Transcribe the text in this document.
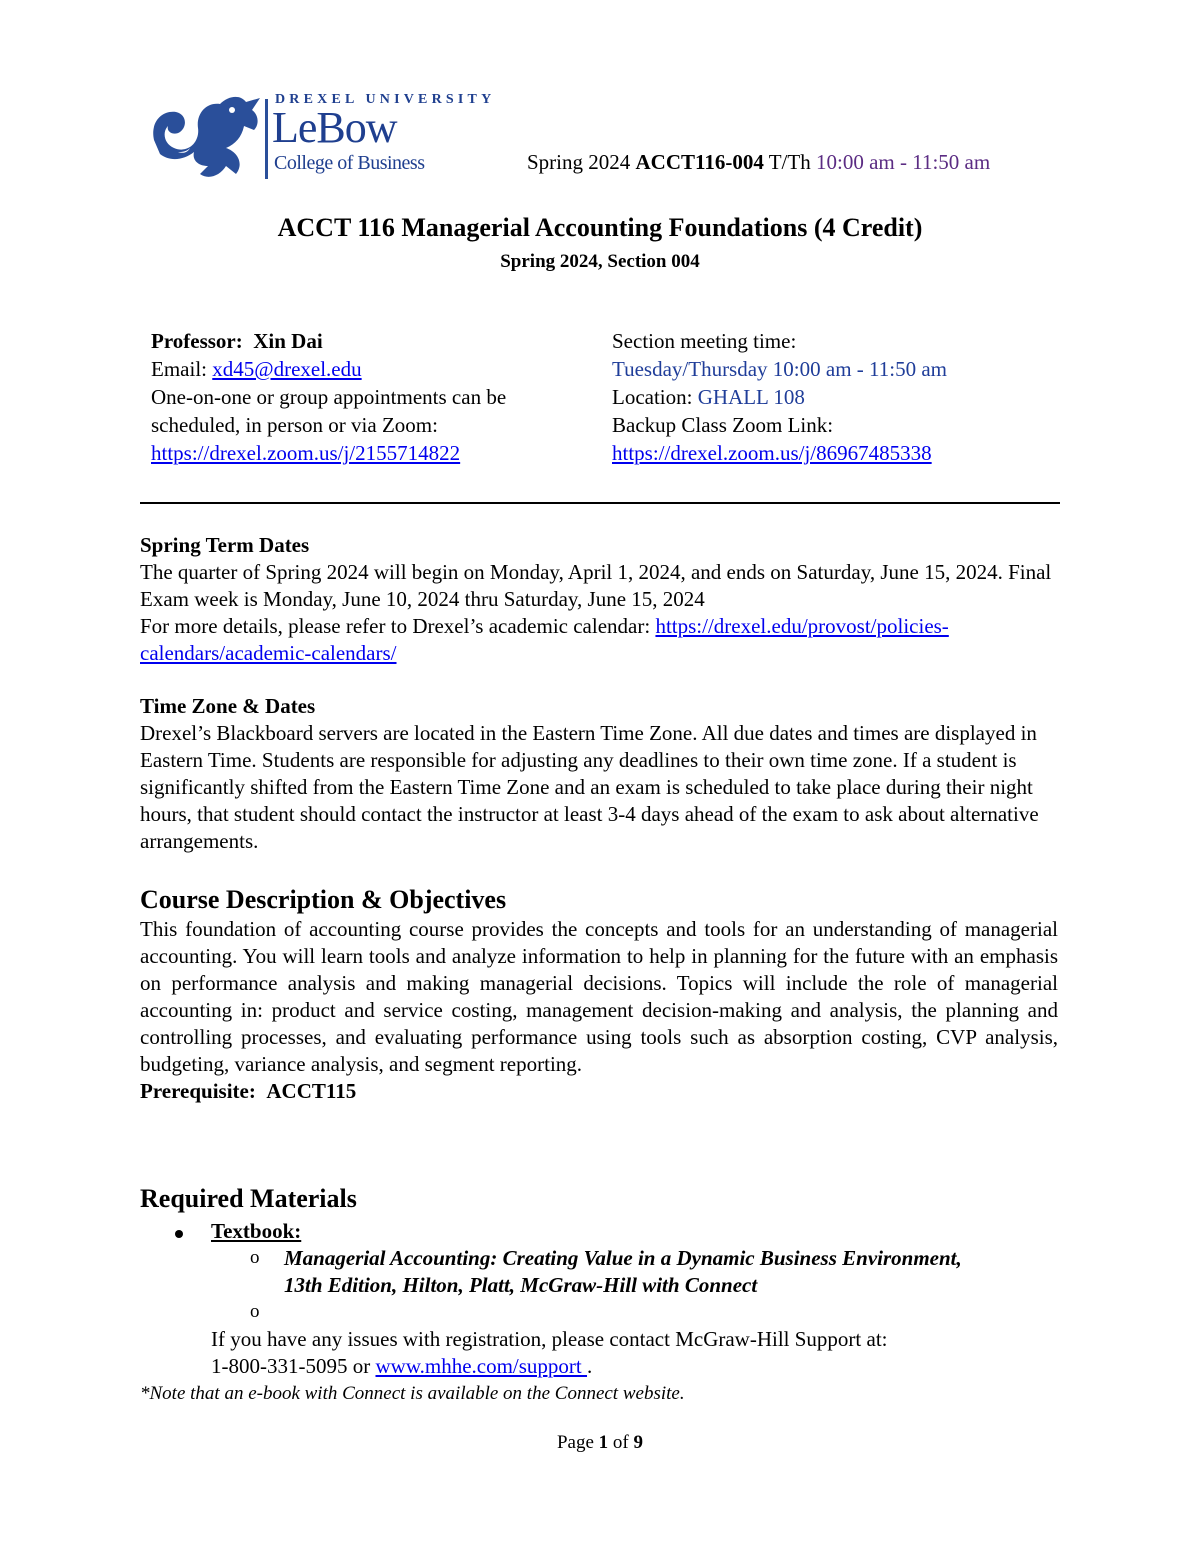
DREXEL UNIVERSITY
LeBow
College of Business	Spring 2024 ACCT116-004 T/Th 10:00 am - 11:50 am
ACCT 116 Managerial Accounting Foundations (4 Credit)
Spring 2024, Section 004
Professor: Xin Dai
Email: xd45@drexel.edu
One-on-one or group appointments can be
scheduled, in person or via Zoom:
https://drexel.zoom.us/j/2155714822
Section meeting time:
Tuesday/Thursday 10:00 am - 11:50 am
Location: GHALL 108
Backup Class Zoom Link:
https://drexel.zoom.us/j/86967485338
Spring Term Dates
The quarter of Spring 2024 will begin on Monday, April 1, 2024, and ends on Saturday, June 15, 2024. Final Exam week is Monday, June 10, 2024 thru Saturday, June 15, 2024
For more details, please refer to Drexel’s academic calendar: https://drexel.edu/provost/policies-calendars/academic-calendars/
Time Zone & Dates
Drexel’s Blackboard servers are located in the Eastern Time Zone. All due dates and times are displayed in Eastern Time. Students are responsible for adjusting any deadlines to their own time zone. If a student is significantly shifted from the Eastern Time Zone and an exam is scheduled to take place during their night hours, that student should contact the instructor at least 3-4 days ahead of the exam to ask about alternative arrangements.
Course Description & Objectives
This foundation of accounting course provides the concepts and tools for an understanding of managerial accounting. You will learn tools and analyze information to help in planning for the future with an emphasis on performance analysis and making managerial decisions. Topics will include the role of managerial accounting in: product and service costing, management decision-making and analysis, the planning and controlling processes, and evaluating performance using tools such as absorption costing, CVP analysis, budgeting, variance analysis, and segment reporting.
Prerequisite: ACCT115
Required Materials
Textbook:
o Managerial Accounting: Creating Value in a Dynamic Business Environment,
13th Edition, Hilton, Platt, McGraw-Hill with Connect
o
If you have any issues with registration, please contact McGraw-Hill Support at:
1-800-331-5095 or www.mhhe.com/support .
*Note that an e-book with Connect is available on the Connect website.
Page 1 of 9
